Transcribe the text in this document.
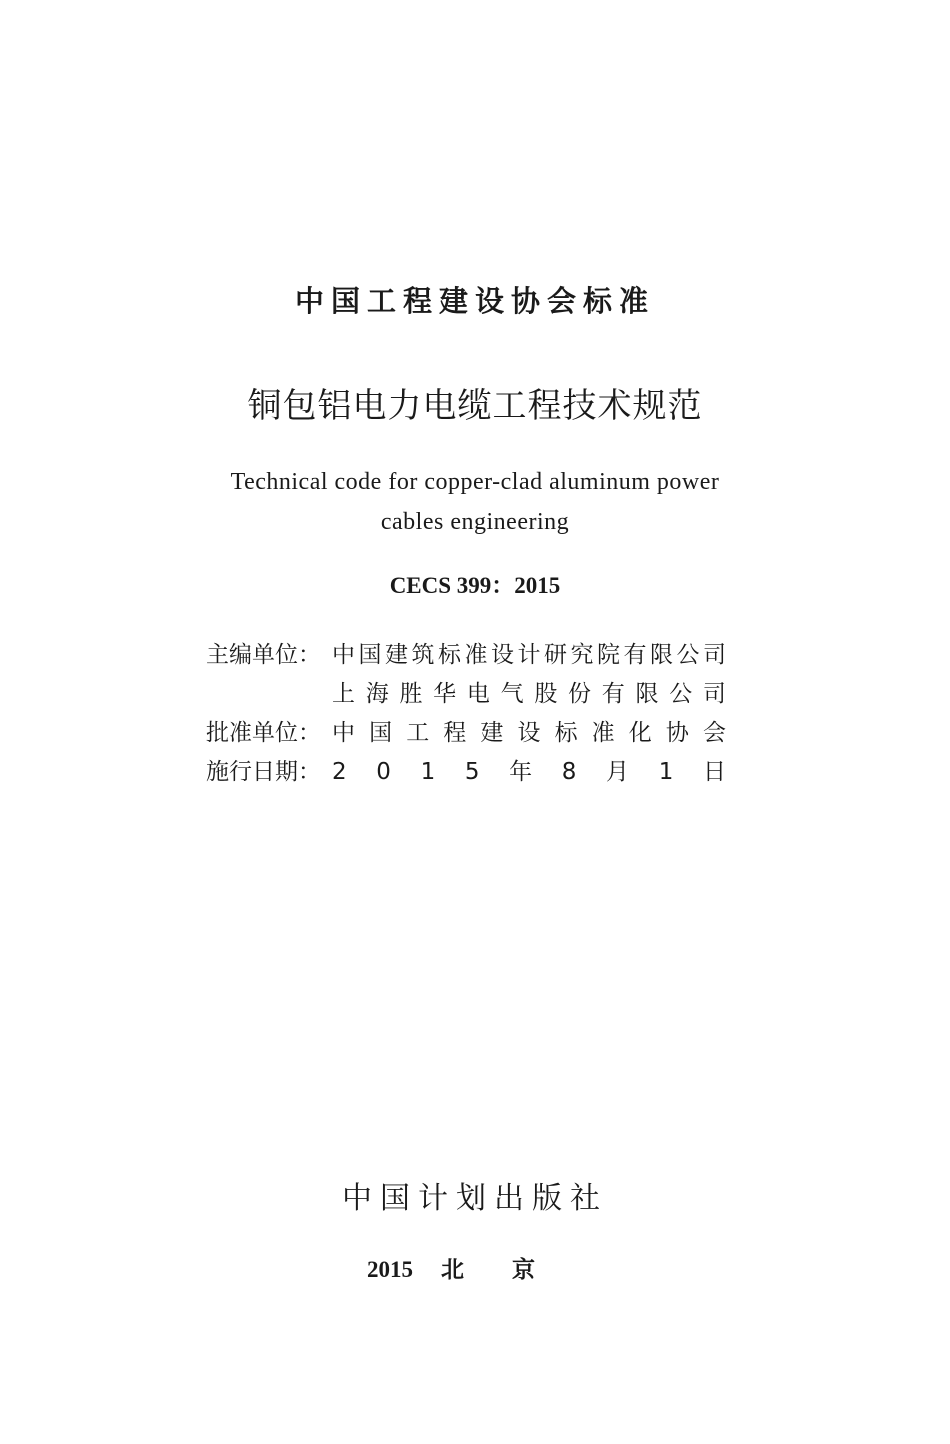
中国工程建设协会标准
铜包铝电力电缆工程技术规范
Technical code for copper-clad aluminum power
cables engineering
CECS 399：2015
主编单位： 中 国 建 筑 标 准 设 计 研 究 院 有 限 公 司
上 海 胜 华 电 气 股 份 有 限 公 司
批准单位： 中 国 工 程 建 设 标 准 化 协 会
施行日期： 2 0 1 5 年 8 月 1 日
中国计划出版社
2015 北京
